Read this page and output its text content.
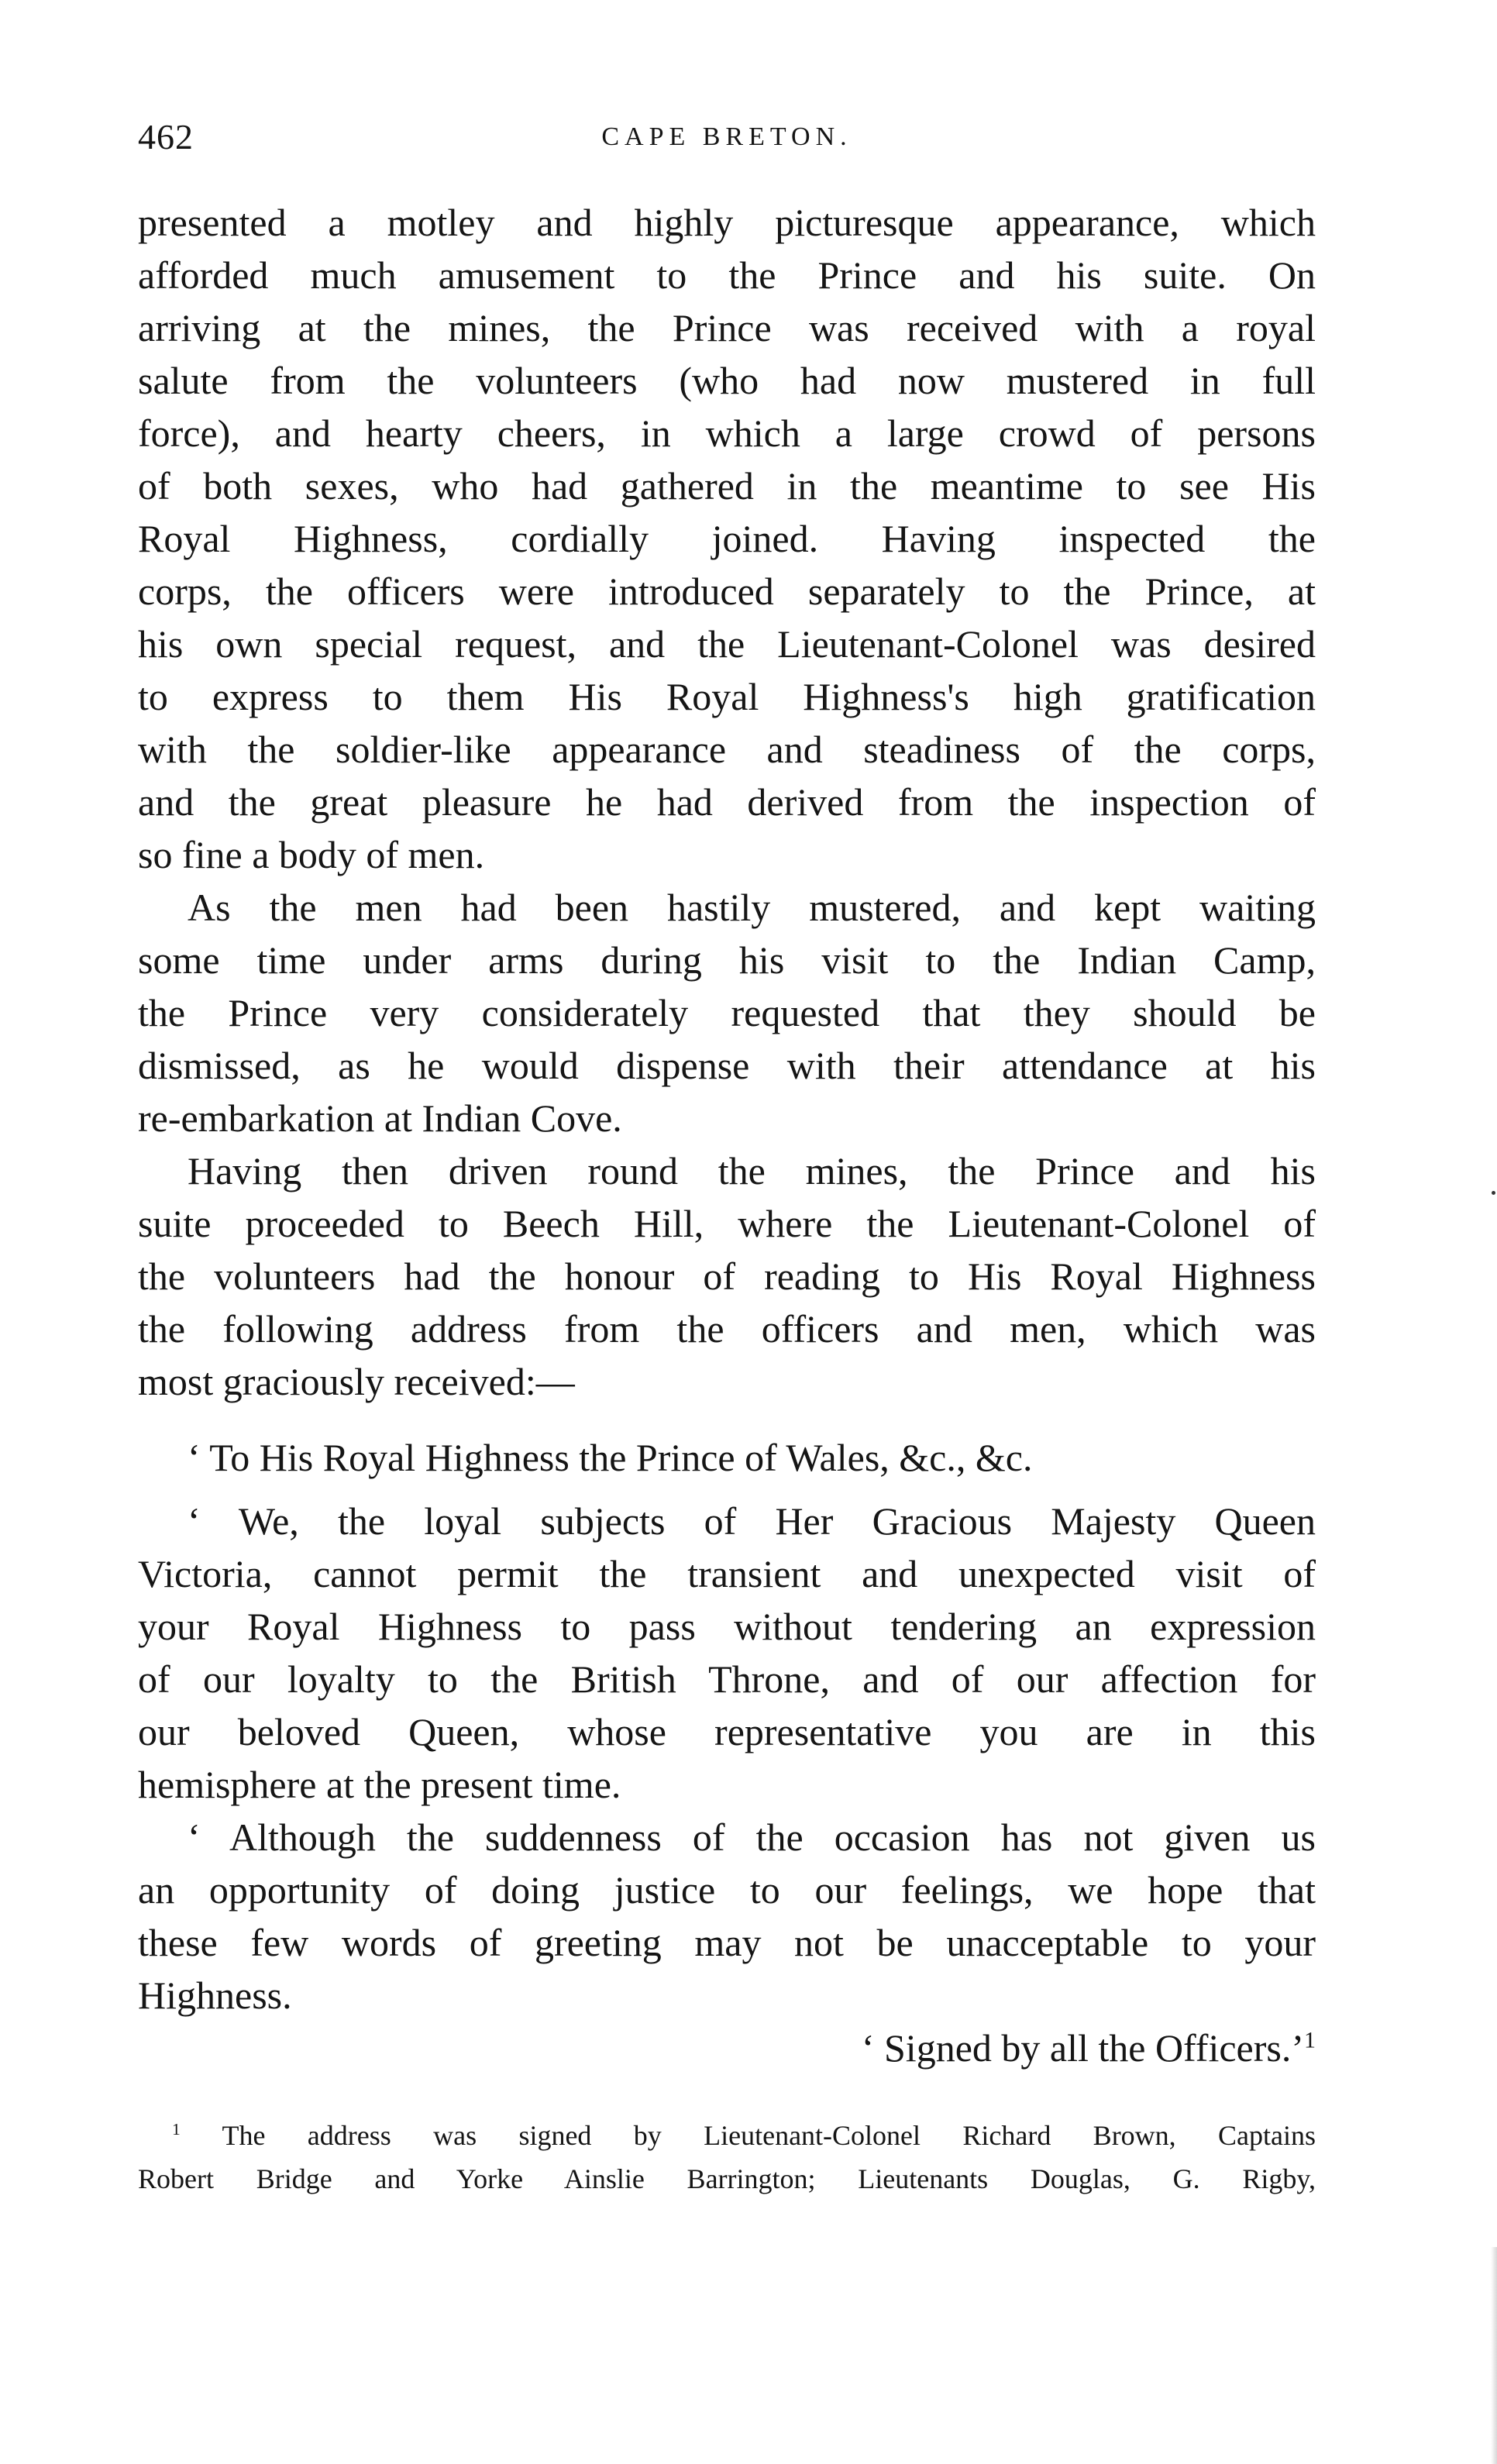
462	CAPE BRETON.
presented a motley and highly picturesque appearance, which
afforded much amusement to the Prince and his suite. On
arriving at the mines, the Prince was received with a royal
salute from the volunteers (who had now mustered in full
force), and hearty cheers, in which a large crowd of persons
of both sexes, who had gathered in the meantime to see His
Royal Highness, cordially joined. Having inspected the
corps, the officers were introduced separately to the Prince, at
his own special request, and the Lieutenant-Colonel was desired
to express to them His Royal Highness's high gratification
with the soldier-like appearance and steadiness of the corps,
and the great pleasure he had derived from the inspection of
so fine a body of men.
As the men had been hastily mustered, and kept waiting
some time under arms during his visit to the Indian Camp,
the Prince very considerately requested that they should be
dismissed, as he would dispense with their attendance at his
re-embarkation at Indian Cove.
Having then driven round the mines, the Prince and his
suite proceeded to Beech Hill, where the Lieutenant-Colonel of
the volunteers had the honour of reading to His Royal Highness
the following address from the officers and men, which was
most graciously received:—
‘ To His Royal Highness the Prince of Wales, &c., &c.
‘ We, the loyal subjects of Her Gracious Majesty Queen
Victoria, cannot permit the transient and unexpected visit of
your Royal Highness to pass without tendering an expression
of our loyalty to the British Throne, and of our affection for
our beloved Queen, whose representative you are in this
hemisphere at the present time.
‘ Although the suddenness of the occasion has not given us
an opportunity of doing justice to our feelings, we hope that
these few words of greeting may not be unacceptable to your
Highness.
‘ Signed by all the Officers.’$^1$
$^1$ The address was signed by Lieutenant-Colonel Richard Brown, Captains
Robert Bridge and Yorke Ainslie Barrington; Lieutenants Douglas, G. Rigby,
